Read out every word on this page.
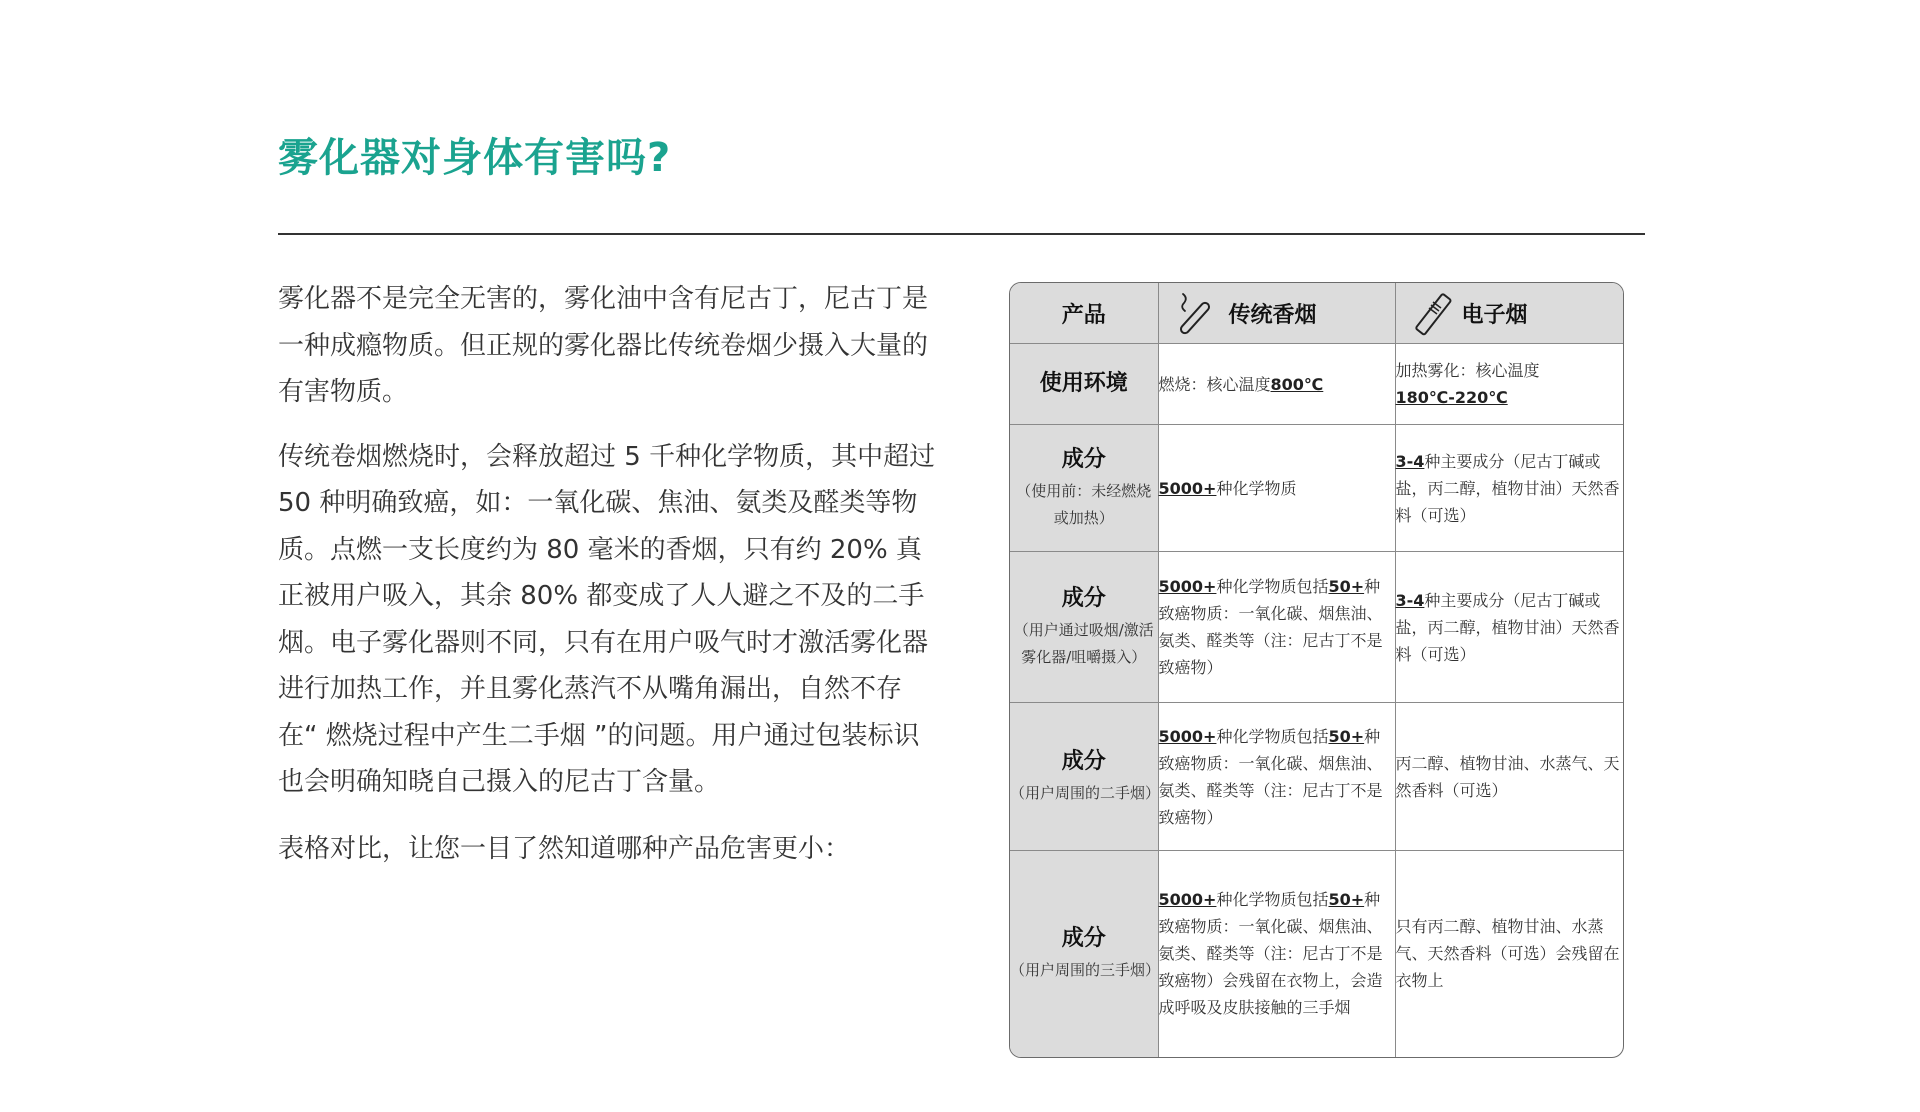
雾化器对身体有害吗?

雾化器不是完全无害的，雾化油中含有尼古丁，尼古丁是一种成瘾物质。但正规的雾化器比传统卷烟少摄入大量的有害物质。

传统卷烟燃烧时，会释放超过 5 千种化学物质，其中超过 50 种明确致癌，如：一氧化碳、焦油、氨类及醛类等物质。点燃一支长度约为 80 毫米的香烟，只有约 20% 真正被用户吸入，其余 80% 都变成了人人避之不及的二手烟。电子雾化器则不同，只有在用户吸气时才激活雾化器进行加热工作，并且雾化蒸汽不从嘴角漏出，自然不存在“ 燃烧过程中产生二手烟 ”的问题。用户通过包装标识也会明确知晓自己摄入的尼古丁含量。

表格对比，让您一目了然知道哪种产品危害更小：

产品	传统香烟	电子烟

使用环境	燃烧：核心温度800℃	加热雾化：核心温度
180℃-220℃

成分
（使用前：未经燃烧或加热）	5000+种化学物质	3-4种主要成分（尼古丁碱或盐，丙二醇，植物甘油）天然香料（可选）

成分
（用户通过吸烟/激活雾化器/咀嚼摄入）	5000+种化学物质包括50+种致癌物质：一氧化碳、烟焦油、氨类、醛类等（注：尼古丁不是致癌物）	3-4种主要成分（尼古丁碱或盐，丙二醇，植物甘油）天然香料（可选）

成分
（用户周围的二手烟）	5000+种化学物质包括50+种致癌物质：一氧化碳、烟焦油、氨类、醛类等（注：尼古丁不是致癌物）	丙二醇、植物甘油、水蒸气、天然香料（可选）

成分
（用户周围的三手烟）	5000+种化学物质包括50+种致癌物质：一氧化碳、烟焦油、氨类、醛类等（注：尼古丁不是致癌物）会残留在衣物上，会造成呼吸及皮肤接触的三手烟	只有丙二醇、植物甘油、水蒸气、天然香料（可选）会残留在衣物上
